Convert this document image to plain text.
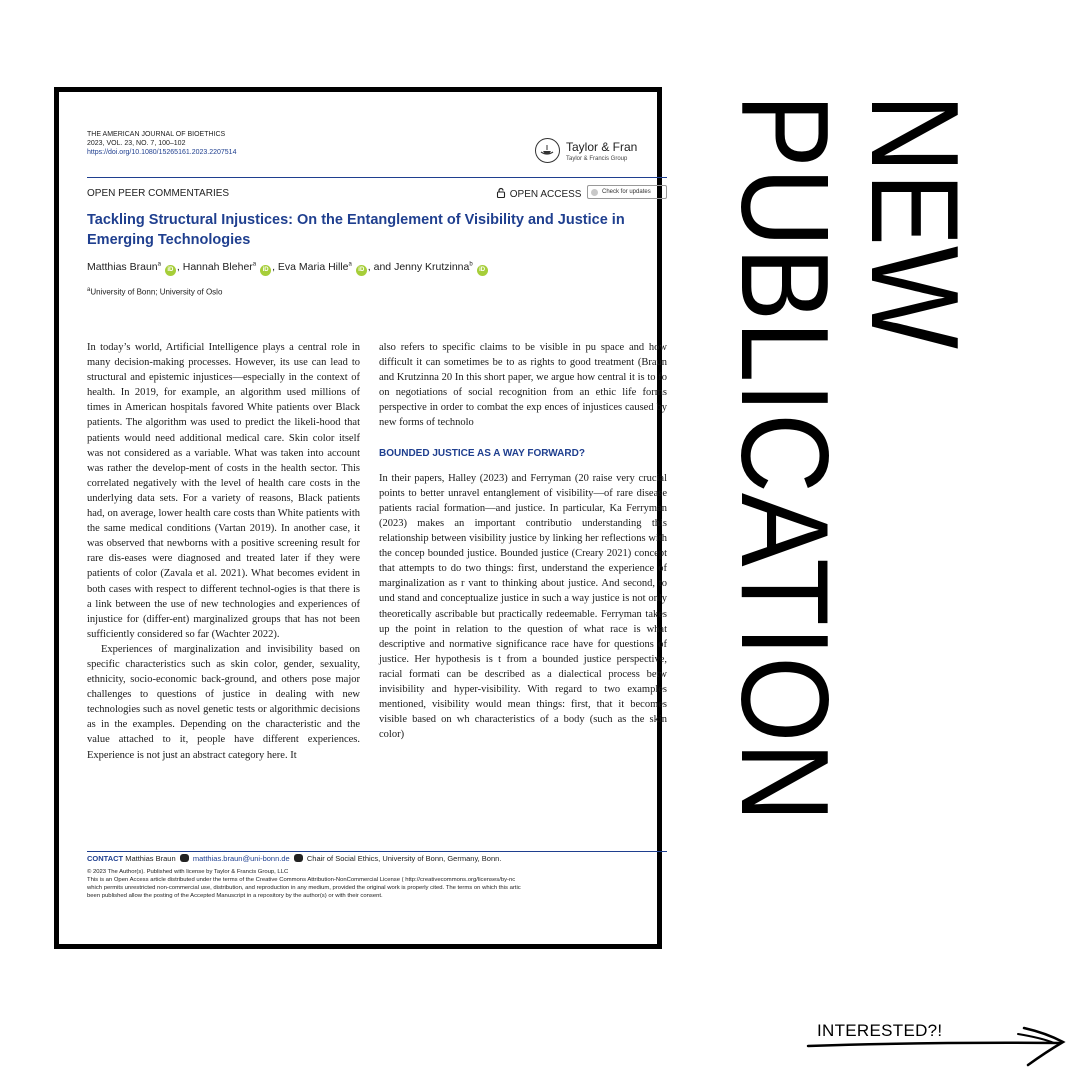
THE AMERICAN JOURNAL OF BIOETHICS
2023, VOL. 23, NO. 7, 100–102
https://doi.org/10.1080/15265161.2023.2207514	Taylor & Fran
Taylor & Francis Group
OPEN PEER COMMENTARIES	OPEN ACCESS	Check for updates
Tackling Structural Injustices: On the Entanglement of Visibility and Justice in Emerging Technologies
Matthias Braun$^a$ iD , Hannah Bleher$^a$ iD , Eva Maria Hille$^a$ iD , and Jenny Krutzinna$^b$ iD
$^a$University of Bonn; University of Oslo

In today’s world, Artificial Intelligence plays a central role in many decision-making processes. However, its use can lead to structural and epistemic injustices—especially in the context of health. In 2019, for example, an algorithm used millions of times in American hospitals favored White patients over Black patients. The algorithm was used to predict the likeli-hood that patients would need additional medical care. Skin color itself was not considered as a variable. What was taken into account was rather the develop-ment of costs in the health sector. This correlated negatively with the level of health care costs in the underlying data sets. For a variety of reasons, Black patients had, on average, lower health care costs than White patients with the same medical conditions (Vartan 2019). In another case, it was observed that newborns with a positive screening result for rare dis-eases were diagnosed and treated later if they were patients of color (Zavala et al. 2021). What becomes evident in both cases with respect to different technol-ogies is that there is a link between the use of new technologies and experiences of injustice for (differ-ent) marginalized groups that has not been sufficiently considered so far (Wachter 2022).

Experiences of marginalization and invisibility based on specific characteristics such as skin color, gender, sexuality, ethnicity, socio-economic back-ground, and others pose major challenges to questions of justice in dealing with new technologies such as novel genetic tests or algorithmic decisions as in the examples. Depending on the characteristic and the value attached to it, people have different experiences. Experience is not just an abstract category here. It

also refers to specific claims to be visible in pu space and how difficult it can sometimes be to as rights to good treatment (Braun and Krutzinna 20 In this short paper, we argue how central it is to fo on negotiations of social recognition from an ethic life forms perspective in order to combat the exp ences of injustices caused by new forms of technolo

BOUNDED JUSTICE AS A WAY FORWARD?

In their papers, Halley (2023) and Ferryman (20 raise very crucial points to better unravel entanglement of visibility—of rare disease patients racial formation—and justice. In particular, Ka Ferryman (2023) makes an important contributio understanding this relationship between visibility justice by linking her reflections with the concep bounded justice. Bounded justice (Creary 2021) concept that attempts to do two things: first, understand the experience of marginalization as r vant to thinking about justice. And second, to und stand and conceptualize justice in such a way justice is not only theoretically ascribable but practically redeemable. Ferryman takes up the point in relation to the question of what race is what descriptive and normative significance race have for questions of justice. Her hypothesis is t from a bounded justice perspective, racial formati can be described as a dialectical process betw invisibility and hyper-visibility. With regard to two examples mentioned, visibility would mean things: first, that it becomes visible based on wh characteristics of a body (such as the skin color)

CONTACT Matthias Braun matthias.braun@uni-bonn.de Chair of Social Ethics, University of Bonn, Germany, Bonn.
© 2023 The Author(s). Published with license by Taylor & Francis Group, LLC
This is an Open Access article distributed under the terms of the Creative Commons Attribution-NonCommercial License ( http://creativecommons.org/licenses/by-nc
which permits unrestricted non-commercial use, distribution, and reproduction in any medium, provided the original work is properly cited. The terms on which this artic
been published allow the posting of the Accepted Manuscript in a repository by the author(s) or with their consent.
NEW
PUBLICATION
INTERESTED?!
